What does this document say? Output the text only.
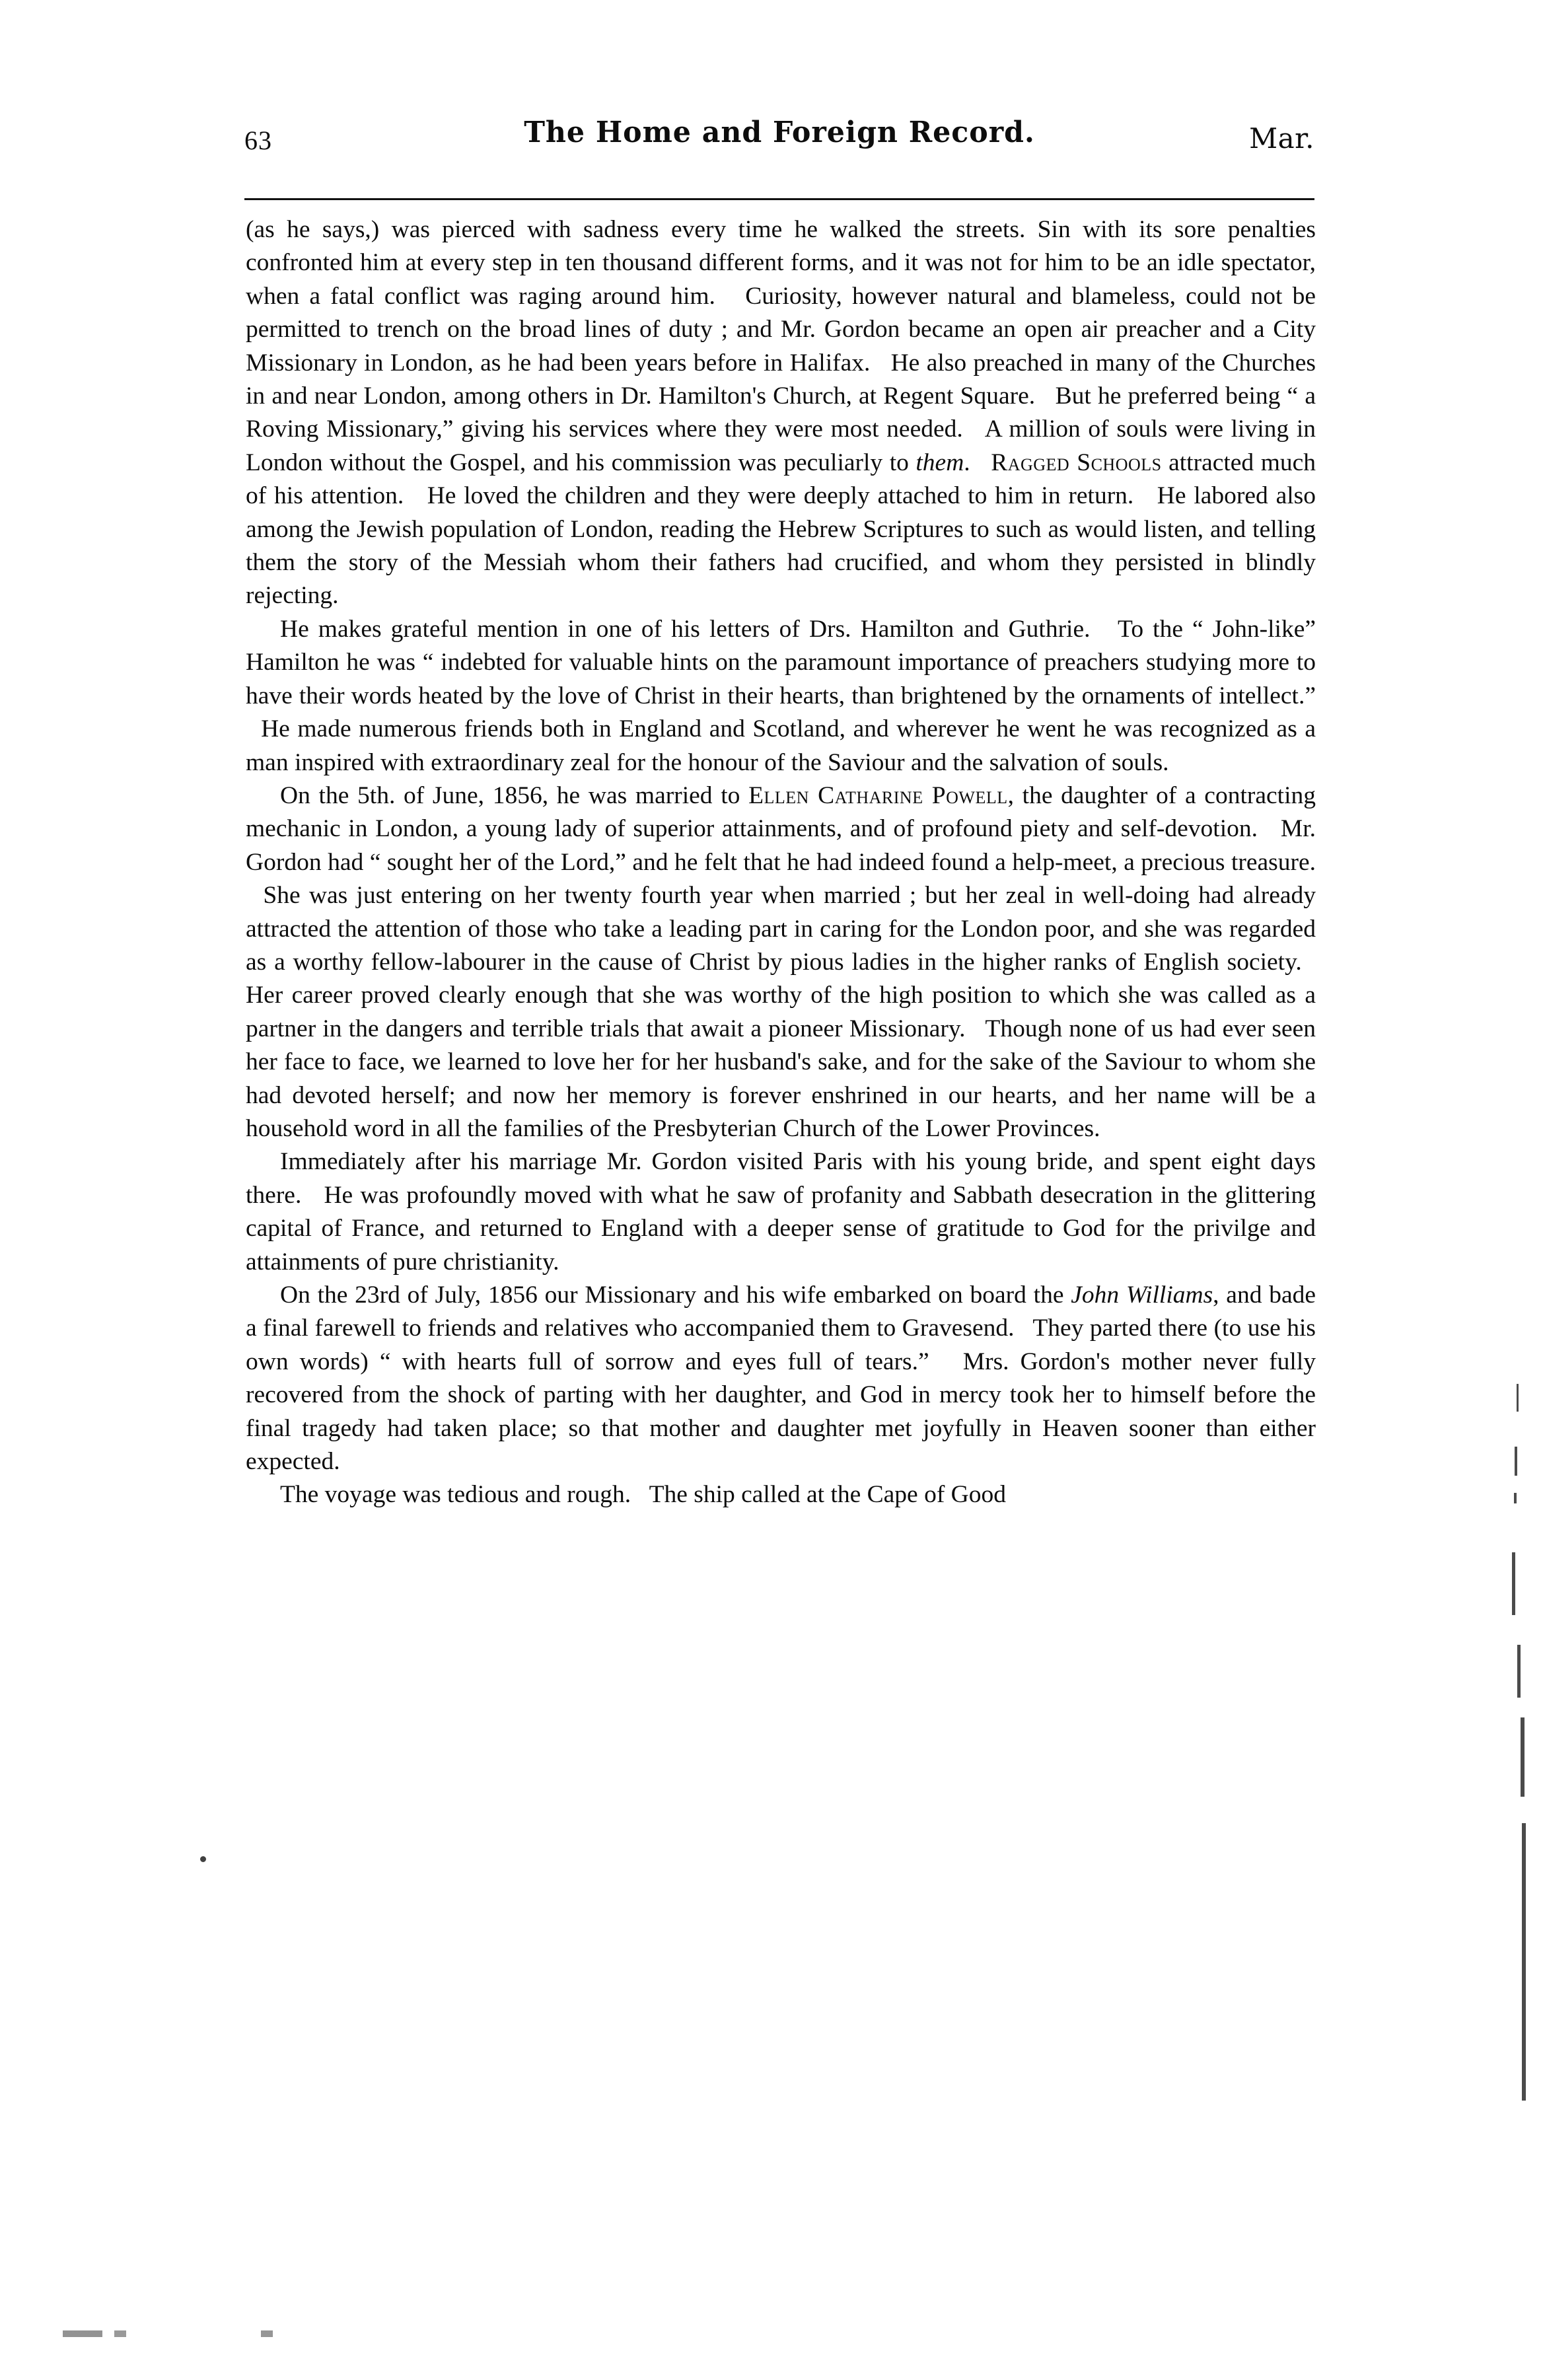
63	The Home and Foreign Record.	Mar.

(as he says,) was pierced with sadness every time he walked the streets. Sin with its sore penalties confronted him at every step in ten thousand different forms, and it was not for him to be an idle spectator, when a fatal conflict was raging around him.   Curiosity, however natural and blameless, could not be permitted to trench on the broad lines of duty ; and Mr. Gordon became an open air preacher and a City Missionary in London, as he had been years before in Halifax.   He also preached in many of the Churches in and near London, among others in Dr. Hamilton's Church, at Regent Square.   But he preferred being “ a Roving Missionary,” giving his services where they were most needed.   A million of souls were living in London without the Gospel, and his commission was peculiarly to them.   Ragged Schools attracted much of his attention.   He loved the children and they were deeply attached to him in return.   He labored also among the Jewish population of London, reading the Hebrew Scriptures to such as would listen, and telling them the story of the Messiah whom their fathers had crucified, and whom they persisted in blindly rejecting.

He makes grateful mention in one of his letters of Drs. Hamilton and Guthrie.   To the “ John-like” Hamilton he was “ indebted for valuable hints on the paramount importance of preachers studying more to have their words heated by the love of Christ in their hearts, than brightened by the ornaments of intellect.”   He made numerous friends both in England and Scotland, and wherever he went he was recognized as a man inspired with extraordinary zeal for the honour of the Saviour and the salvation of souls.

On the 5th. of June, 1856, he was married to Ellen Catharine Powell, the daughter of a contracting mechanic in London, a young lady of superior attainments, and of profound piety and self-devotion.   Mr. Gordon had “ sought her of the Lord,” and he felt that he had indeed found a help-meet, a precious treasure.   She was just entering on her twenty fourth year when married ; but her zeal in well-doing had already attracted the attention of those who take a leading part in caring for the London poor, and she was regarded as a worthy fellow-labourer in the cause of Christ by pious ladies in the higher ranks of English society.   Her career proved clearly enough that she was worthy of the high position to which she was called as a partner in the dangers and terrible trials that await a pioneer Missionary.   Though none of us had ever seen her face to face, we learned to love her for her husband's sake, and for the sake of the Saviour to whom she had devoted herself; and now her memory is forever enshrined in our hearts, and her name will be a household word in all the families of the Presbyterian Church of the Lower Provinces.

Immediately after his marriage Mr. Gordon visited Paris with his young bride, and spent eight days there.   He was profoundly moved with what he saw of profanity and Sabbath desecration in the glittering capital of France, and returned to England with a deeper sense of gratitude to God for the privilge and attainments of pure christianity.

On the 23rd of July, 1856 our Missionary and his wife embarked on board the John Williams, and bade a final farewell to friends and relatives who accompanied them to Gravesend.   They parted there (to use his own words) “ with hearts full of sorrow and eyes full of tears.”   Mrs. Gordon's mother never fully recovered from the shock of parting with her daughter, and God in mercy took her to himself before the final tragedy had taken place; so that mother and daughter met joyfully in Heaven sooner than either expected.

The voyage was tedious and rough.   The ship called at the Cape of Good
